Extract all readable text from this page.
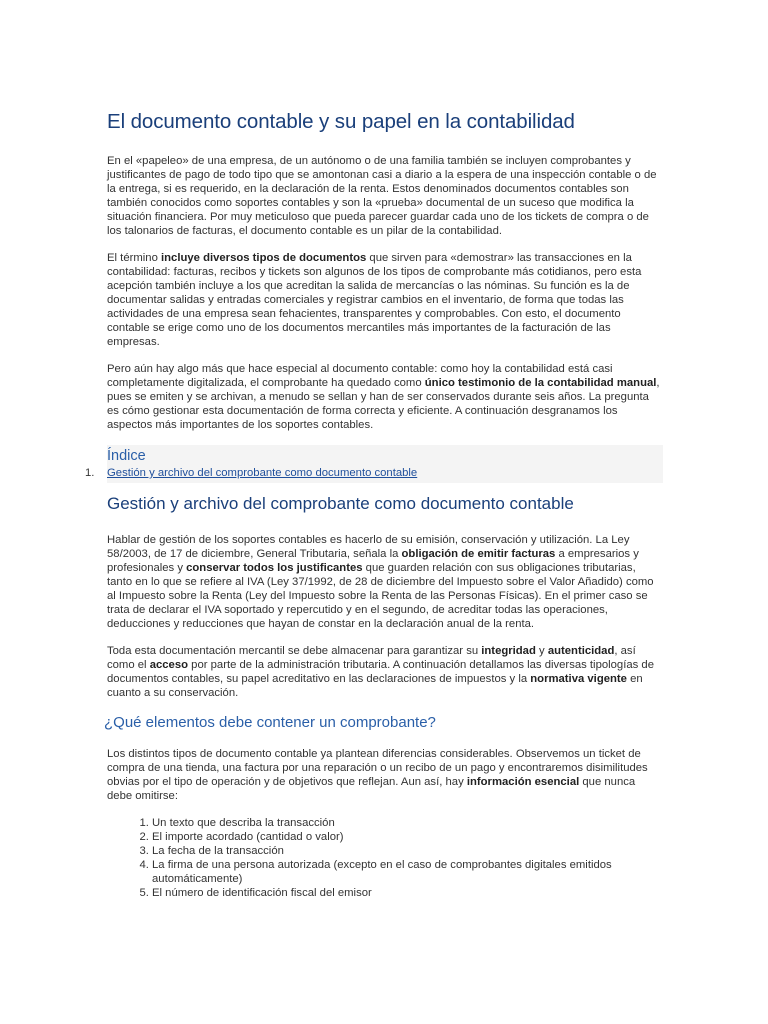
El documento contable y su papel en la contabilidad

En el «papeleo» de una empresa, de un autónomo o de una familia también se incluyen comprobantes y justificantes de pago de todo tipo que se amontonan casi a diario a la espera de una inspección contable o de la entrega, si es requerido, en la declaración de la renta. Estos denominados documentos contables son también conocidos como soportes contables y son la «prueba» documental de un suceso que modifica la situación financiera. Por muy meticuloso que pueda parecer guardar cada uno de los tickets de compra o de los talonarios de facturas, el documento contable es un pilar de la contabilidad.

El término incluye diversos tipos de documentos que sirven para «demostrar» las transacciones en la contabilidad: facturas, recibos y tickets son algunos de los tipos de comprobante más cotidianos, pero esta acepción también incluye a los que acreditan la salida de mercancías o las nóminas. Su función es la de documentar salidas y entradas comerciales y registrar cambios en el inventario, de forma que todas las actividades de una empresa sean fehacientes, transparentes y comprobables. Con esto, el documento contable se erige como uno de los documentos mercantiles más importantes de la facturación de las empresas.

Pero aún hay algo más que hace especial al documento contable: como hoy la contabilidad está casi completamente digitalizada, el comprobante ha quedado como único testimonio de la contabilidad manual, pues se emiten y se archivan, a menudo se sellan y han de ser conservados durante seis años. La pregunta es cómo gestionar esta documentación de forma correcta y eficiente. A continuación desgranamos los aspectos más importantes de los soportes contables.

Índice
1. Gestión y archivo del comprobante como documento contable
Gestión y archivo del comprobante como documento contable

Hablar de gestión de los soportes contables es hacerlo de su emisión, conservación y utilización. La Ley 58/2003, de 17 de diciembre, General Tributaria, señala la obligación de emitir facturas a empresarios y profesionales y conservar todos los justificantes que guarden relación con sus obligaciones tributarias, tanto en lo que se refiere al IVA (Ley 37/1992, de 28 de diciembre del Impuesto sobre el Valor Añadido) como al Impuesto sobre la Renta (Ley del Impuesto sobre la Renta de las Personas Físicas). En el primer caso se trata de declarar el IVA soportado y repercutido y en el segundo, de acreditar todas las operaciones, deducciones y reducciones que hayan de constar en la declaración anual de la renta.

Toda esta documentación mercantil se debe almacenar para garantizar su integridad y autenticidad, así como el acceso por parte de la administración tributaria. A continuación detallamos las diversas tipologías de documentos contables, su papel acreditativo en las declaraciones de impuestos y la normativa vigente en cuanto a su conservación.

¿Qué elementos debe contener un comprobante?

Los distintos tipos de documento contable ya plantean diferencias considerables. Observemos un ticket de compra de una tienda, una factura por una reparación o un recibo de un pago y encontraremos disimilitudes obvias por el tipo de operación y de objetivos que reflejan. Aun así, hay información esencial que nunca debe omitirse:

1. Un texto que describa la transacción
2. El importe acordado (cantidad o valor)
3. La fecha de la transacción
4. La firma de una persona autorizada (excepto en el caso de comprobantes digitales emitidos automáticamente)
5. El número de identificación fiscal del emisor
